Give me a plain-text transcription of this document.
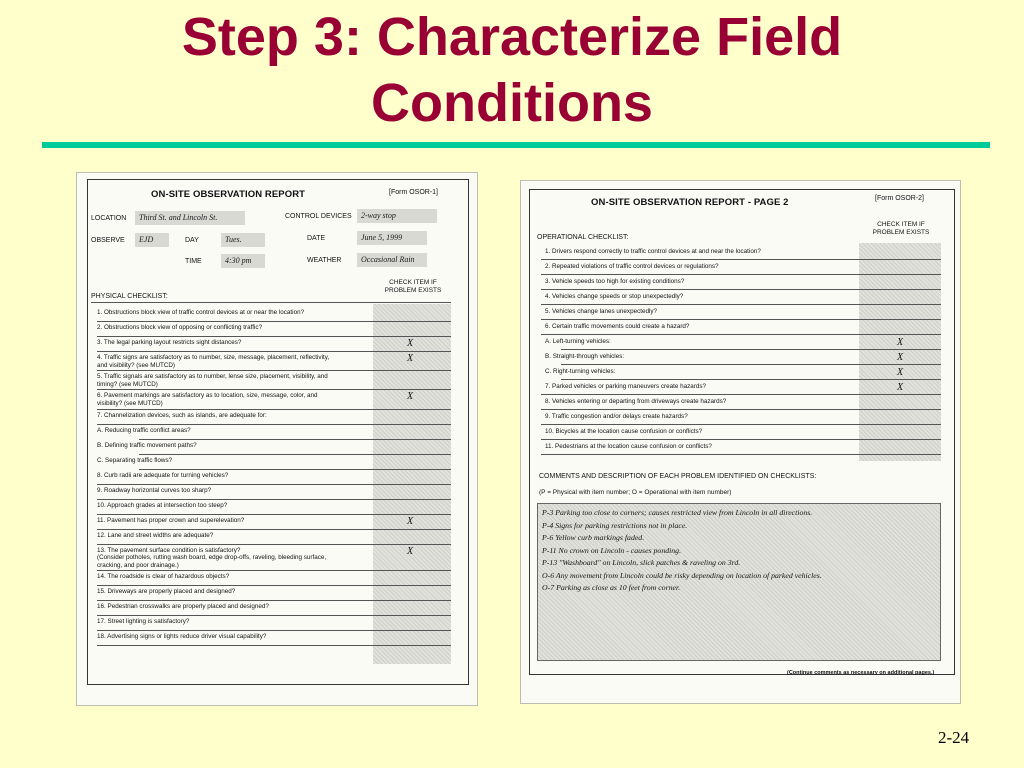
Step 3: Characterize Field
Conditions
ON-SITE OBSERVATION REPORT	[Form OSOR-1]
LOCATION Third St. and Lincoln St.	CONTROL DEVICES 2-way stop
OBSERVE EJD	DAY	Tues.	DATE	June 5, 1999
TIME	4:30 pm	WEATHER Occasional Rain
CHECK ITEM IF
PROBLEM EXISTS
PHYSICAL CHECKLIST:
1. Obstructions block view of traffic control devices at or near the location?
2. Obstructions block view of opposing or conflicting traffic?
3. The legal parking layout restricts sight distances?	X
4. Traffic signs are satisfactory as to number, size, message, placement, reflectivity,
and visibility? (see MUTCD)
X
5. Traffic signals are satisfactory as to number, lense size, placement, visibility, and
timing? (see MUTCD)
6. Pavement markings are satisfactory as to location, size, message, color, and
visibility? (see MUTCD)
X
7. Channelization devices, such as islands, are adequate for:
A. Reducing traffic conflict areas?
B. Defining traffic movement paths?
C. Separating traffic flows?
8. Curb radii are adequate for turning vehicles?
9. Roadway horizontal curves too sharp?
10. Approach grades at intersection too steep?
11. Pavement has proper crown and superelevation?	X
12. Lane and street widths are adequate?
13. The pavement surface condition is satisfactory?
(Consider potholes, rutting wash board, edge drop-offs, raveling, bleeding surface,
cracking, and poor drainage.)
X
14. The roadside is clear of hazardous objects?
15. Driveways are properly placed and designed?
16. Pedestrian crosswalks are properly placed and designed?
17. Street lighting is satisfactory?
18. Advertising signs or lights reduce driver visual capability?
ON-SITE OBSERVATION REPORT - PAGE 2	[Form OSOR-2]
CHECK ITEM IF
PROBLEM EXISTS
OPERATIONAL CHECKLIST:
1. Drivers respond correctly to traffic control devices at and near the location?
2. Repeated violations of traffic control devices or regulations?
3. Vehicle speeds too high for existing conditions?
4. Vehicles change speeds or stop unexpectedly?
5. Vehicles change lanes unexpectedly?
6. Certain traffic movements could create a hazard?
A. Left-turning vehicles:	X
B. Straight-through vehicles:	X
C. Right-turning vehicles:	X
7. Parked vehicles or parking maneuvers create hazards?	X
8. Vehicles entering or departing from driveways create hazards?
9. Traffic congestion and/or delays create hazards?
10. Bicycles at the location cause confusion or conflicts?
11. Pedestrians at the location cause confusion or conflicts?
COMMENTS AND DESCRIPTION OF EACH PROBLEM IDENTIFIED ON CHECKLISTS:
(P = Physical with item number; O = Operational with item number)
P-3 Parking too close to corners; causes restricted view from Lincoln in all directions.
P-4 Signs for parking restrictions not in place.
P-6 Yellow curb markings faded.
P-11 No crown on Lincoln - causes ponding.
P-13 "Washboard" on Lincoln, slick patches & raveling on 3rd.
O-6 Any movement from Lincoln could be risky depending on location of parked vehicles.
O-7 Parking as close as 10 feet from corner.
(Continue comments as necessary on additional pages.)
2-24
